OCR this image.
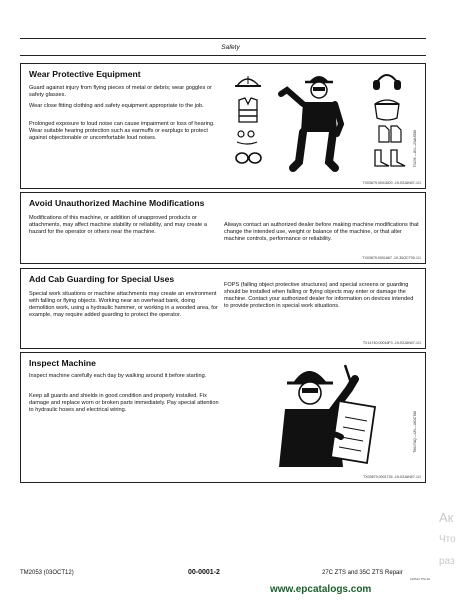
Safety
Wear Protective Equipment
Guard against injury from flying pieces of metal or debris; wear goggles or safety glasses.
Wear close fitting clothing and safety equipment appropriate to the job.
Prolonged exposure to loud noise can cause impairment or loss of hearing. Wear suitable hearing protection such as earmuffs or earplugs to protect against objectionable or uncomfortable loud noises.	TS206 —UN—23AUG88
TX03679,00016D0 -19-03JAN07-1/1
Avoid Unauthorized Machine Modifications
Modifications of this machine, or addition of unapproved products or attachments, may affect machine stability or reliability, and may create a hazard for the operator or others near the machine.
Always contact an authorized dealer before making machine modifications that change the intended use, weight or balance of the machine, or that alter machine controls, performance or reliability.
TX03679,0001667 -19-30OCT00-1/1
Add Cab Guarding for Special Uses
Special work situations or machine attachments may create an environment with falling or flying objects. Working near an overhead bank, doing demolition work, using a hydraulic hammer, or working in a wooded area, for example, may require added guarding to protect the operator.
FOPS (falling object protective structures) and special screens or guarding should be installed when falling or flying objects may enter or damage the machine. Contact your authorized dealer for information on devices intended to provide protection in special work situations.
TX14740,00016F3 -19-03JAN07-1/1
Inspect Machine
Inspect machine carefully each day by walking around it before starting.
Keep all guards and shields in good condition and properly installed. Fix damage and replace worn or broken parts immediately. Pay special attention to hydraulic hoses and electrical wiring.
T6607AQ —UN—18OCT88
TX03679,0001734 -19-03JAN07-1/1
TM2053 (03OCT12)	00-0001-2	27C ZTS and 35C ZTS Repair
100512 PN=10
www.epcatalogs.com
Ак
Что
раз
